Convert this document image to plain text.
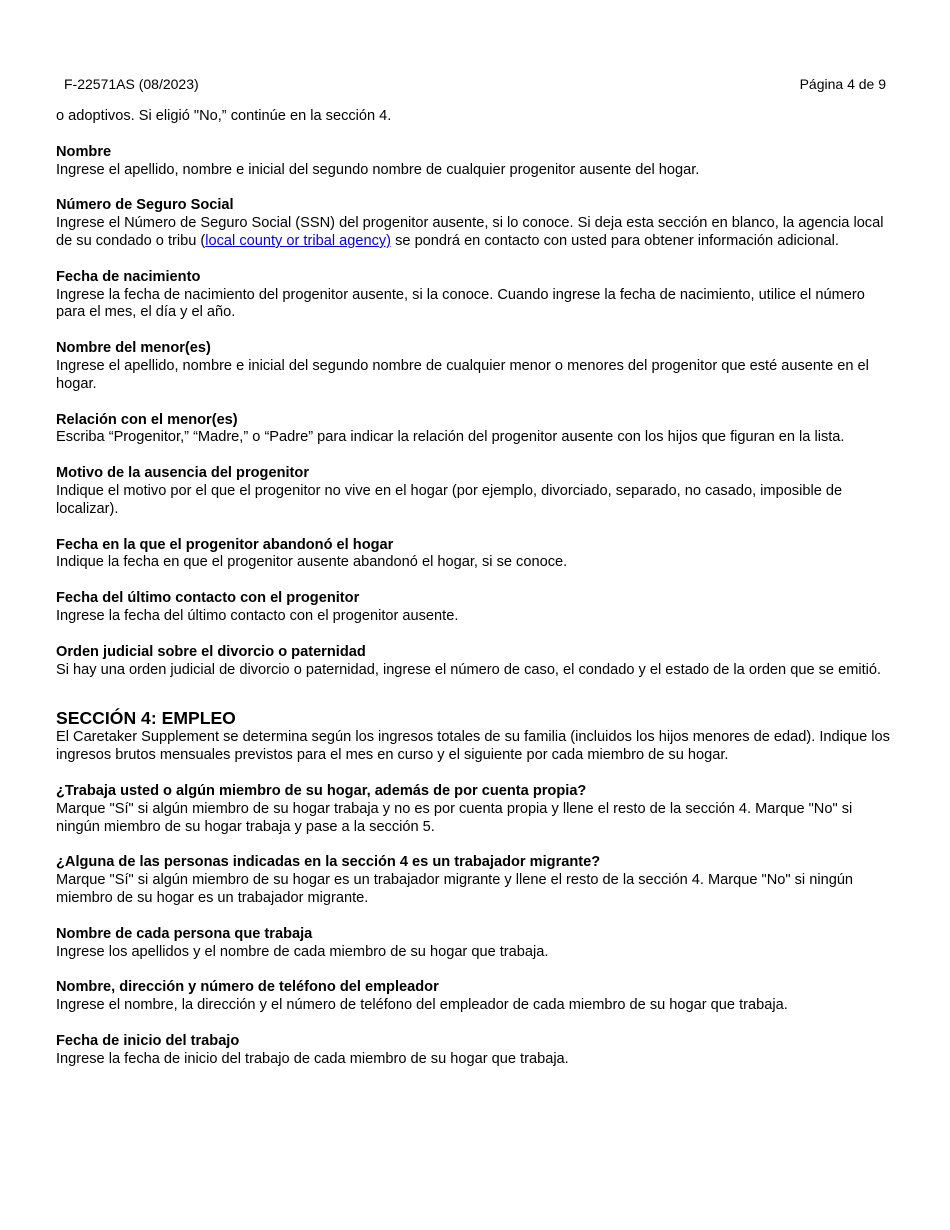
F-22571AS (08/2023)	Página 4 de 9

o adoptivos. Si eligió "No,” continúe en la sección 4.

Nombre

Ingrese el apellido, nombre e inicial del segundo nombre de cualquier progenitor ausente del hogar.

Número de Seguro Social

Ingrese el Número de Seguro Social (SSN) del progenitor ausente, si lo conoce. Si deja esta sección en blanco, la agencia local de su condado o tribu (local county or tribal agency) se pondrá en contacto con usted para obtener información adicional.

Fecha de nacimiento

Ingrese la fecha de nacimiento del progenitor ausente, si la conoce. Cuando ingrese la fecha de nacimiento, utilice el número para el mes, el día y el año.

Nombre del menor(es)

Ingrese el apellido, nombre e inicial del segundo nombre de cualquier menor o menores del progenitor que esté ausente en el hogar.

Relación con el menor(es)

Escriba “Progenitor,” “Madre,” o “Padre” para indicar la relación del progenitor ausente con los hijos que figuran en la lista.

Motivo de la ausencia del progenitor

Indique el motivo por el que el progenitor no vive en el hogar (por ejemplo, divorciado, separado, no casado, imposible de localizar).

Fecha en la que el progenitor abandonó el hogar

Indique la fecha en que el progenitor ausente abandonó el hogar, si se conoce.

Fecha del último contacto con el progenitor

Ingrese la fecha del último contacto con el progenitor ausente.

Orden judicial sobre el divorcio o paternidad

Si hay una orden judicial de divorcio o paternidad, ingrese el número de caso, el condado y el estado de la orden que se emitió.

SECCIÓN 4: EMPLEO

El Caretaker Supplement se determina según los ingresos totales de su familia (incluidos los hijos menores de edad). Indique los ingresos brutos mensuales previstos para el mes en curso y el siguiente por cada miembro de su hogar.

¿Trabaja usted o algún miembro de su hogar, además de por cuenta propia?

Marque "Sí" si algún miembro de su hogar trabaja y no es por cuenta propia y llene el resto de la sección 4. Marque "No" si ningún miembro de su hogar trabaja y pase a la sección 5.

¿Alguna de las personas indicadas en la sección 4 es un trabajador migrante?

Marque "Sí" si algún miembro de su hogar es un trabajador migrante y llene el resto de la sección 4. Marque "No" si ningún miembro de su hogar es un trabajador migrante.

Nombre de cada persona que trabaja

Ingrese los apellidos y el nombre de cada miembro de su hogar que trabaja.

Nombre, dirección y número de teléfono del empleador

Ingrese el nombre, la dirección y el número de teléfono del empleador de cada miembro de su hogar que trabaja.

Fecha de inicio del trabajo

Ingrese la fecha de inicio del trabajo de cada miembro de su hogar que trabaja.
